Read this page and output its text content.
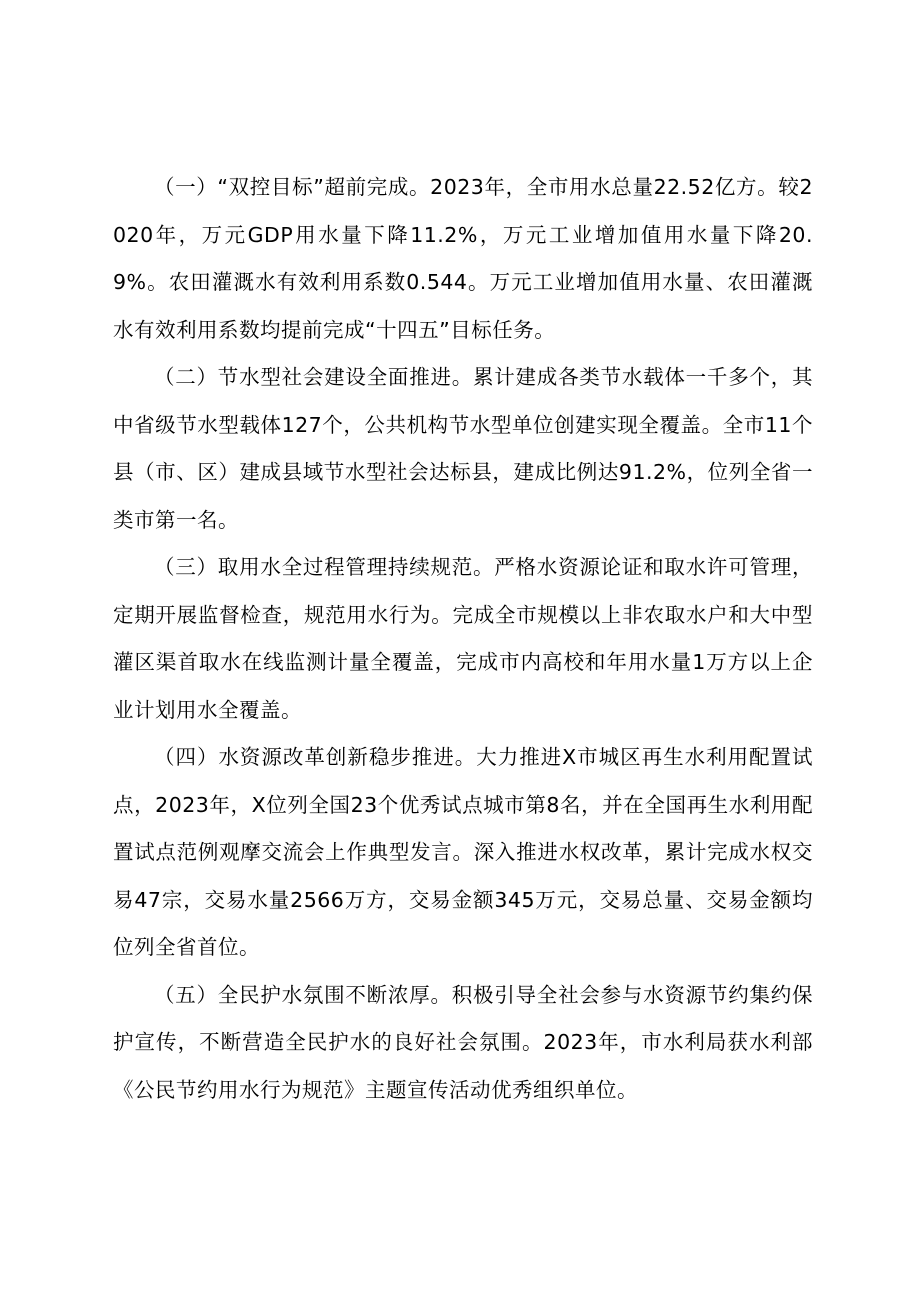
（一）“双控目标”超前完成。2023年，全市用水总量22.52亿方。较2020年，万元GDP用水量下降11.2%，万元工业增加值用水量下降20.9%。农田灌溉水有效利用系数0.544。万元工业增加值用水量、农田灌溉水有效利用系数均提前完成“十四五”目标任务。

（二）节水型社会建设全面推进。累计建成各类节水载体一千多个，其中省级节水型载体127个，公共机构节水型单位创建实现全覆盖。全市11个县（市、区）建成县域节水型社会达标县，建成比例达91.2%，位列全省一类市第一名。

（三）取用水全过程管理持续规范。严格水资源论证和取水许可管理，定期开展监督检查，规范用水行为。完成全市规模以上非农取水户和大中型灌区渠首取水在线监测计量全覆盖，完成市内高校和年用水量1万方以上企业计划用水全覆盖。

（四）水资源改革创新稳步推进。大力推进X市城区再生水利用配置试点，2023年，X位列全国23个优秀试点城市第8名，并在全国再生水利用配置试点范例观摩交流会上作典型发言。深入推进水权改革，累计完成水权交易47宗，交易水量2566万方，交易金额345万元，交易总量、交易金额均位列全省首位。

（五）全民护水氛围不断浓厚。积极引导全社会参与水资源节约集约保护宣传，不断营造全民护水的良好社会氛围。2023年，市水利局获水利部《公民节约用水行为规范》主题宣传活动优秀组织单位。
